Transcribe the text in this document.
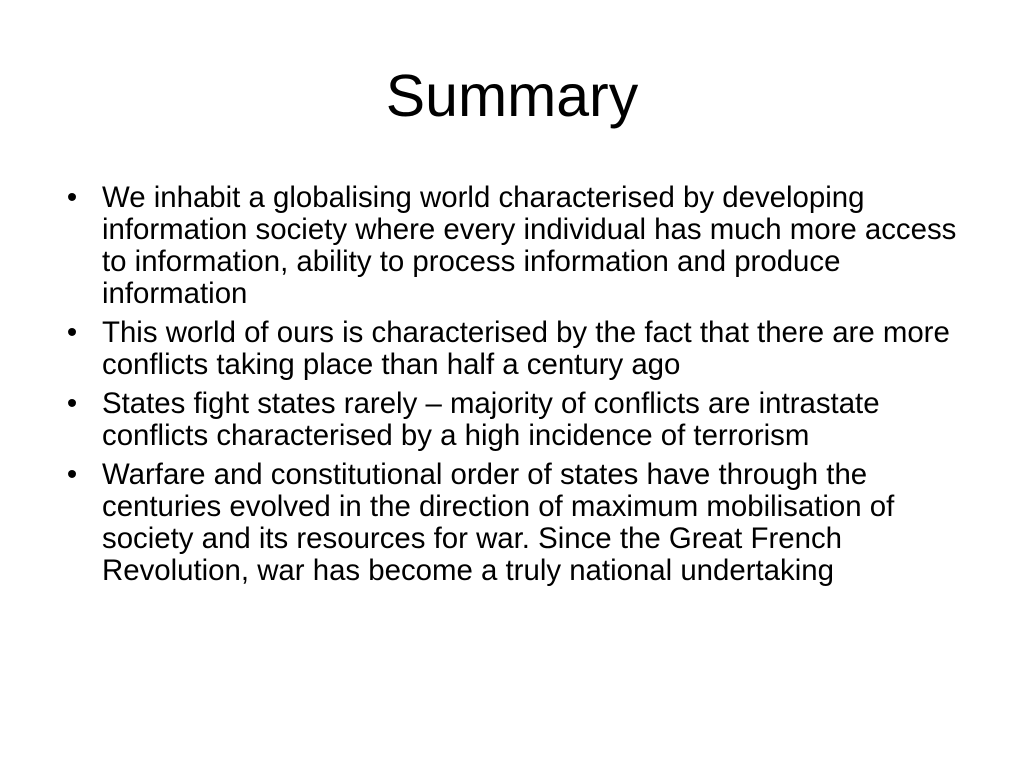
Summary
• We inhabit a globalising world characterised by developing information society where every individual has much more access to information, ability to process information and produce information
• This world of ours is characterised by the fact that there are more conflicts taking place than half a century ago
• States fight states rarely – majority of conflicts are intrastate conflicts characterised by a high incidence of terrorism
• Warfare and constitutional order of states have through the centuries evolved in the direction of maximum mobilisation of society and its resources for war. Since the Great French Revolution, war has become a truly national undertaking
